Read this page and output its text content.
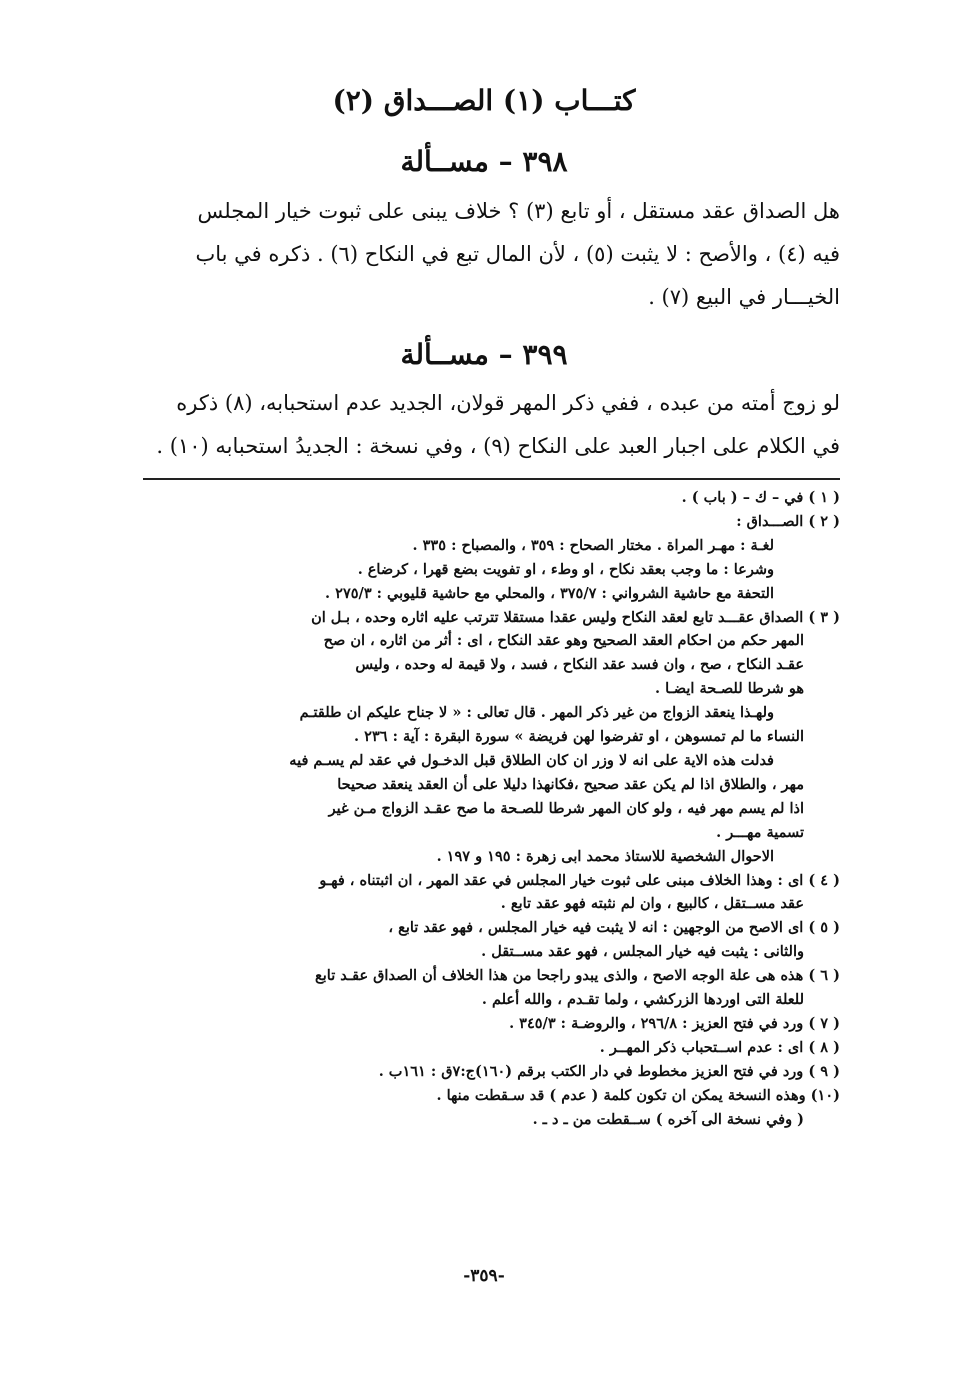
كتـــاب (١) الصـــداق (٢)
٣٩٨ – مســألة
هل الصداق عقد مستقل ، أو تابع (٣) ؟ خلاف يبنى على ثبوت خيار المجلس
فيه (٤) ، والأصح : لا يثبت (٥) ، لأن المال تبع في النكاح (٦) . ذكره في باب
الخيـــار في البيع (٧) .
٣٩٩ – مســألة
لو زوج أمته من عبده ، ففي ذكر المهر قولان، الجديد عدم استحبابه، (٨) ذكره
في الكلام على اجبار العبد على النكاح (٩) ، وفي نسخة : الجديدُ استحبابه (١٠) .
( ١ ) في – ك – ( باب ) .
( ٢ ) الصـــداق :
لغـة : مهـر المراة . مختار الصحاح : ٣٥٩ ، والمصباح : ٣٣٥ .
وشرعا : ما وجب بعقد نكاح ، او وطء ، او تفويت بضع قهرا ، كرضاع .
التحفة مع حاشية الشرواني : ٣٧٥/٧ ، والمحلي مع حاشية قليوبي : ٢٧٥/٣ .
( ٣ ) الصداق عقـــد تابع لعقد النكاح وليس عقدا مستقلا تترتب عليه اثاره وحده ، بـل ان
المهر حكم من احكام العقد الصحيح وهو عقد النكاح ، اى : أثر من اثاره ، ان صح
عقـد النكاح ، صح ، وان فسد عقد النكاح ، فسد ، ولا قيمة له وحده ، وليس
هو شرطا للصـحة ايضـا .
ولهـذا ينعقد الزواج من غير ذكر المهر . قال تعالى : « لا جناح عليكم ان طلقتـم
النساء ما لم تمسوهن ، او تفرضوا لهن فريضة » سورة البقرة : آية : ٢٣٦ .
فدلت هذه الاية على انه لا وزر ان كان الطلاق قبل الدخـول في عقد لم يسـم فيه
مهر ، والطلاق اذا لم يكن عقد صحيح ،فكانهذا دليلا على أن العقد ينعقد صحيحا
اذا لم يسم مهر فيه ، ولو كان المهر شرطا للصـحة ما صح عقـد الزواج مـن غير
تسمية مهـــر .
الاحوال الشخصية للاستاذ محمد ابى زهرة : ١٩٥ و ١٩٧ .
( ٤ ) اى : وهذا الخلاف مبنى على ثبوت خيار المجلس في عقد المهر ، ان اثبتناه ، فهـو
عقد مســتقل ، كالبيع ، وان لم نثبته فهو عقد تابع .
( ٥ ) اى الاصح من الوجهين : انه لا يثبت فيه خيار المجلس ، فهو عقد تابع ،
والثانى : يثبت فيه خيار المجلس ، فهو عقد مســتقل .
( ٦ ) هذه هى علة الوجه الاصح ، والذى يبدو راجحا من هذا الخلاف أن الصداق عقـد تابع
للعلة التى اوردها الزركشي ، ولما تقـدم ، والله أعلم .
( ٧ ) ورد في فتح العزيز : ٢٩٦/٨ ، والروضـة : ٣٤٥/٣ .
( ٨ ) اى : عدم اســتحباب ذكر المهــر .
( ٩ ) ورد في فتح العزيز مخطوط في دار الكتب برقم (١٦٠)ج:٧ق : ١٦١ب .
(١٠) وهذه النسخة يمكن ان تكون كلمة ( عدم ) قد سـقطت منها .
( وفي نسخة الى آخره ) ســقطت من ـ د ـ .
-٣٥٩-
